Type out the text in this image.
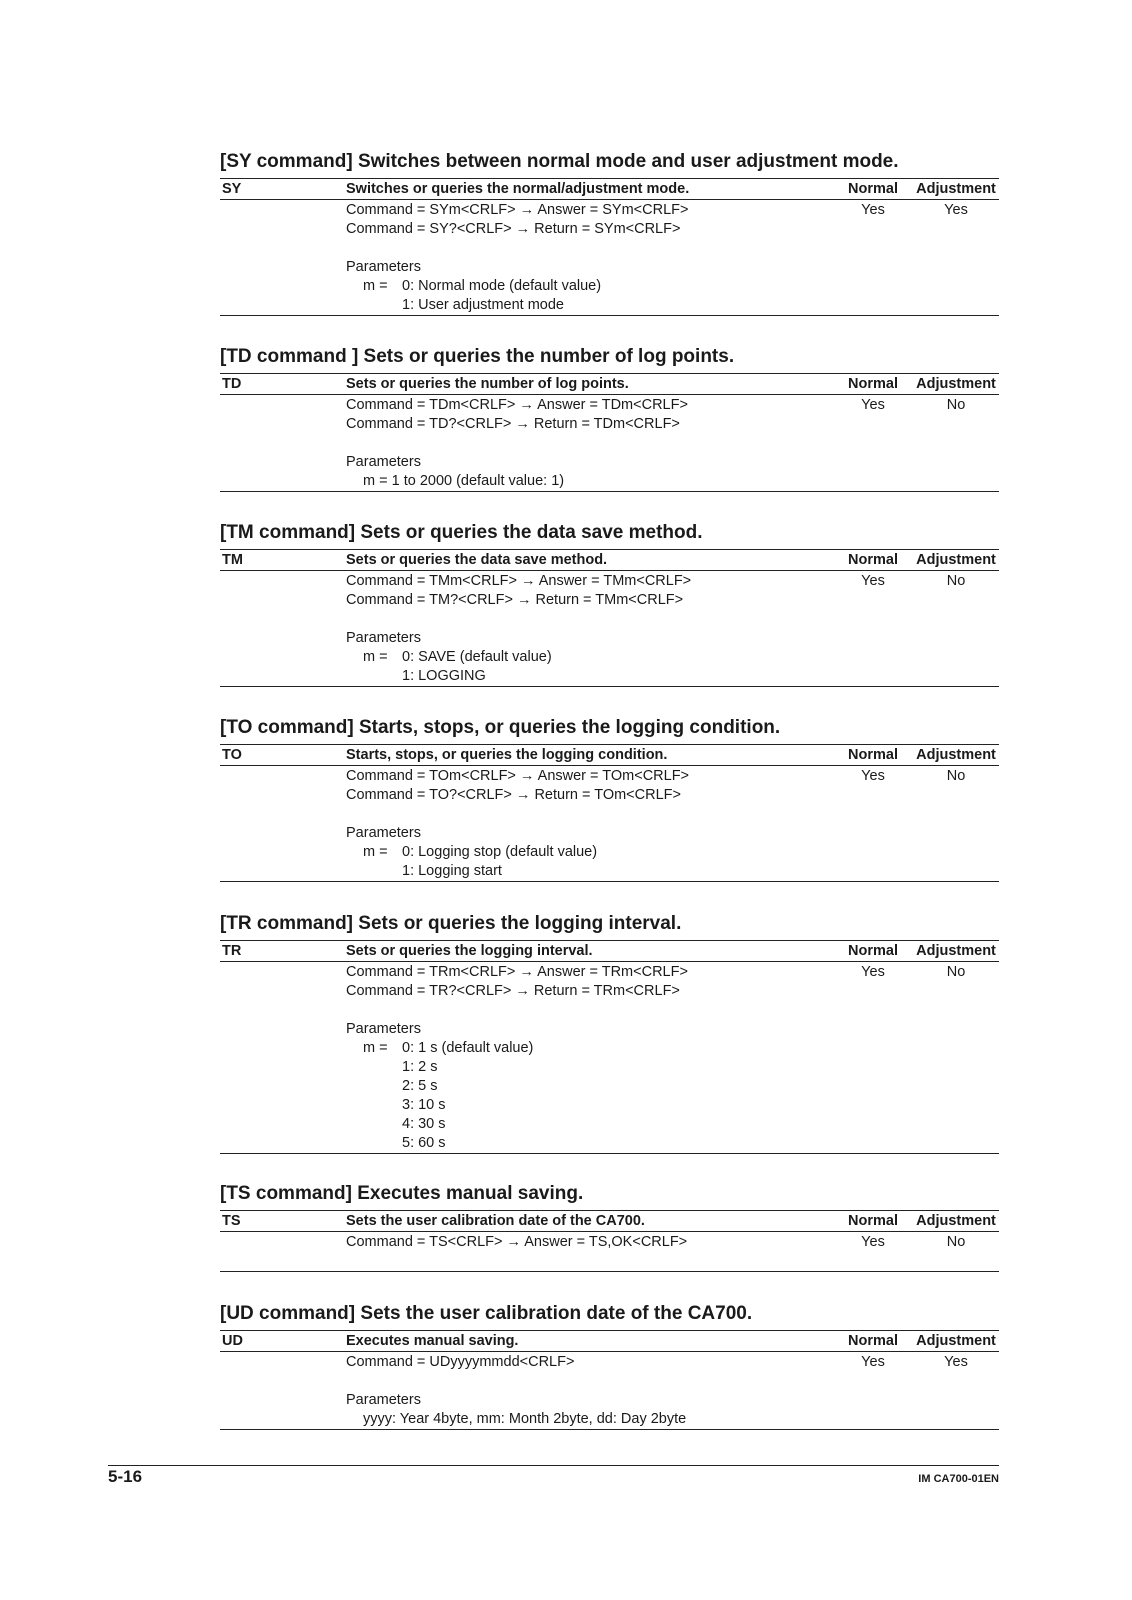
[SY command] Switches between normal mode and user adjustment mode.
SY	Switches or queries the normal/adjustment mode.	Normal	Adjustment
Command = SYm<CRLF> → Answer = SYm<CRLF>
Command = SY?<CRLF> → Return = SYm<CRLF>
Parameters
m = 0: Normal mode (default value)
1: User adjustment mode
Yes	Yes
[TD command ] Sets or queries the number of log points.
TD	Sets or queries the number of log points.	Normal	Adjustment
Command = TDm<CRLF> → Answer = TDm<CRLF>
Command = TD?<CRLF> → Return = TDm<CRLF>
Parameters
m = 1 to 2000 (default value: 1)
Yes	No
[TM command] Sets or queries the data save method.
TM	Sets or queries the data save method.	Normal	Adjustment
Command = TMm<CRLF> → Answer = TMm<CRLF>
Command = TM?<CRLF> → Return = TMm<CRLF>
Parameters
m = 0: SAVE (default value)
1: LOGGING
Yes	No
[TO command] Starts, stops, or queries the logging condition.
TO	Starts, stops, or queries the logging condition.	Normal	Adjustment
Command = TOm<CRLF> → Answer = TOm<CRLF>
Command = TO?<CRLF> → Return = TOm<CRLF>
Parameters
m = 0: Logging stop (default value)
1: Logging start
Yes	No
[TR command] Sets or queries the logging interval.
TR	Sets or queries the logging interval.	Normal	Adjustment
Command = TRm<CRLF> → Answer = TRm<CRLF>
Command = TR?<CRLF> → Return = TRm<CRLF>
Parameters
m = 0: 1 s (default value)
1: 2 s
2: 5 s
3: 10 s
4: 30 s
5: 60 s
Yes	No
[TS command] Executes manual saving.
TS	Sets the user calibration date of the CA700.	Normal	Adjustment
Command = TS<CRLF> → Answer = TS,OK<CRLF>	Yes	No
[UD command] Sets the user calibration date of the CA700.
UD	Executes manual saving.	Normal	Adjustment
Command = UDyyyymmdd<CRLF>
Parameters
yyyy: Year 4byte, mm: Month 2byte, dd: Day 2byte
Yes	Yes
5-16	IM CA700-01EN
